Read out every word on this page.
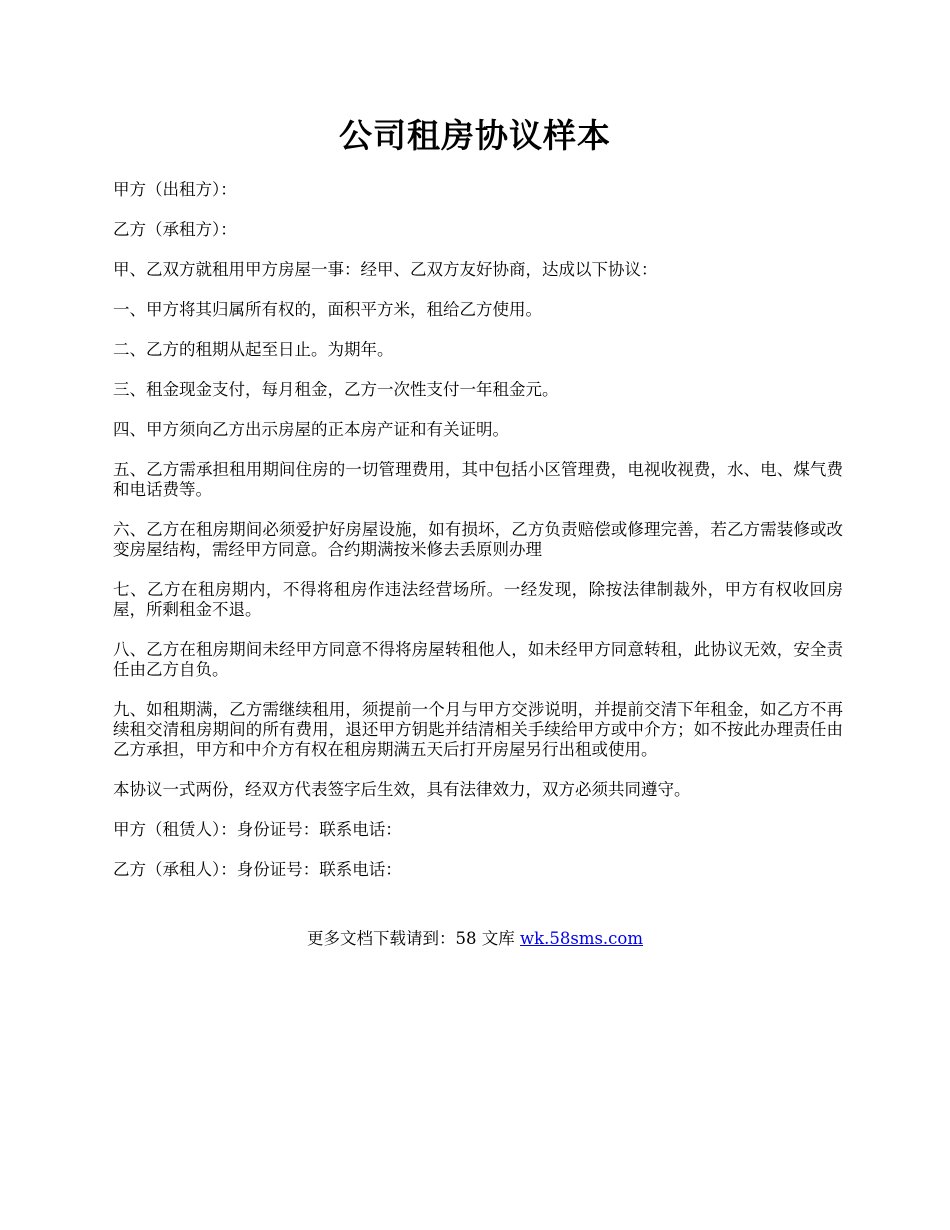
公司租房协议样本

甲方（出租方）：

乙方（承租方）：

甲、乙双方就租用甲方房屋一事：经甲、乙双方友好协商，达成以下协议：

一、甲方将其归属所有权的，面积平方米，租给乙方使用。

二、乙方的租期从起至日止。为期年。

三、租金现金支付，每月租金，乙方一次性支付一年租金元。

四、甲方须向乙方出示房屋的正本房产证和有关证明。

五、乙方需承担租用期间住房的一切管理费用，其中包括小区管理费，电视收视费，水、电、煤气费和电话费等。

六、乙方在租房期间必须爱护好房屋设施，如有损坏，乙方负责赔偿或修理完善，若乙方需装修或改变房屋结构，需经甲方同意。合约期满按米修去丢原则办理

七、乙方在租房期内，不得将租房作违法经营场所。一经发现，除按法律制裁外，甲方有权收回房屋，所剩租金不退。

八、乙方在租房期间未经甲方同意不得将房屋转租他人，如未经甲方同意转租，此协议无效，安全责任由乙方自负。

九、如租期满，乙方需继续租用，须提前一个月与甲方交涉说明，并提前交清下年租金，如乙方不再续租交清租房期间的所有费用，退还甲方钥匙并结清相关手续给甲方或中介方；如不按此办理责任由乙方承担，甲方和中介方有权在租房期满五天后打开房屋另行出租或使用。

本协议一式两份，经双方代表签字后生效，具有法律效力，双方必须共同遵守。

甲方（租赁人）：身份证号：联系电话：

乙方（承租人）：身份证号：联系电话：

更多文档下载请到：58 文库 wk.58sms.com
